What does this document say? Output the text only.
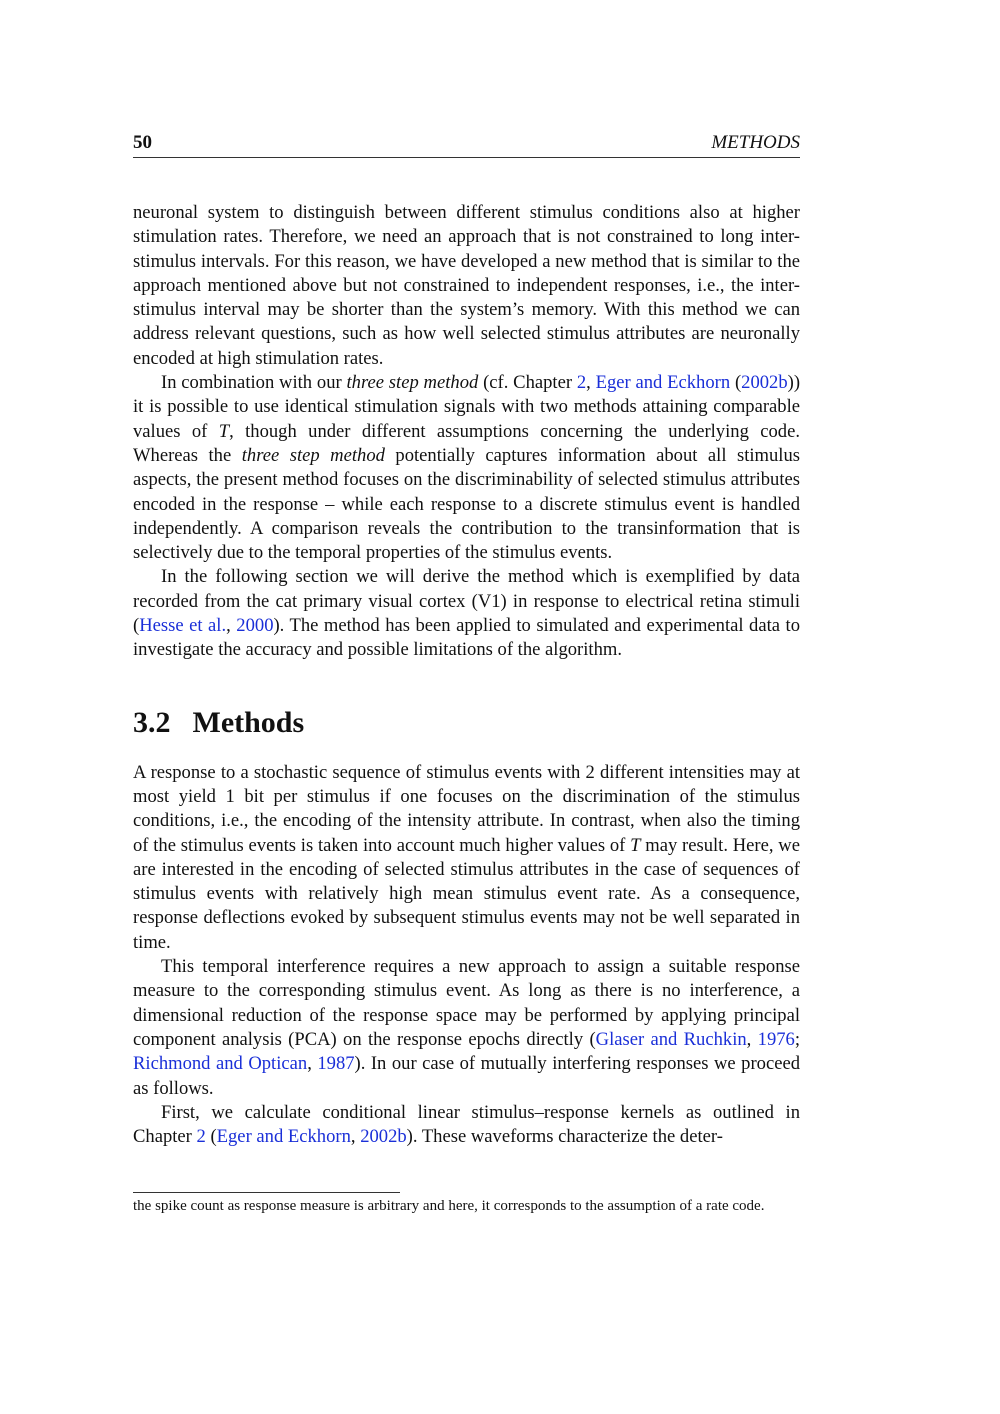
50	METHODS

neuronal system to distinguish between different stimulus conditions also at higher stimulation rates. Therefore, we need an approach that is not constrained to long inter-stimulus intervals. For this reason, we have developed a new method that is similar to the approach mentioned above but not constrained to independent responses, i.e., the inter-stimulus interval may be shorter than the system’s memory. With this method we can address relevant questions, such as how well selected stimulus attributes are neuronally encoded at high stimulation rates.

In combination with our three step method (cf. Chapter 2, Eger and Eckhorn (2002b)) it is possible to use identical stimulation signals with two methods attaining comparable values of T, though under different assumptions concerning the underlying code. Whereas the three step method potentially captures information about all stimulus aspects, the present method focuses on the discriminability of selected stimulus attributes encoded in the response – while each response to a discrete stimulus event is handled independently. A comparison reveals the contribution to the transinformation that is selectively due to the temporal properties of the stimulus events.

In the following section we will derive the method which is exemplified by data recorded from the cat primary visual cortex (V1) in response to electrical retina stimuli (Hesse et al., 2000). The method has been applied to simulated and experimental data to investigate the accuracy and possible limitations of the algorithm.

3.2 Methods

A response to a stochastic sequence of stimulus events with 2 different intensities may at most yield 1 bit per stimulus if one focuses on the discrimination of the stimulus conditions, i.e., the encoding of the intensity attribute. In contrast, when also the timing of the stimulus events is taken into account much higher values of T may result. Here, we are interested in the encoding of selected stimulus attributes in the case of sequences of stimulus events with relatively high mean stimulus event rate. As a consequence, response deflections evoked by subsequent stimulus events may not be well separated in time.

This temporal interference requires a new approach to assign a suitable response measure to the corresponding stimulus event. As long as there is no interference, a dimensional reduction of the response space may be performed by applying principal component analysis (PCA) on the response epochs directly (Glaser and Ruchkin, 1976; Richmond and Optican, 1987). In our case of mutually interfering responses we proceed as follows.

First, we calculate conditional linear stimulus–response kernels as outlined in Chapter 2 (Eger and Eckhorn, 2002b). These waveforms characterize the deter-

the spike count as response measure is arbitrary and here, it corresponds to the assumption of a rate code.
